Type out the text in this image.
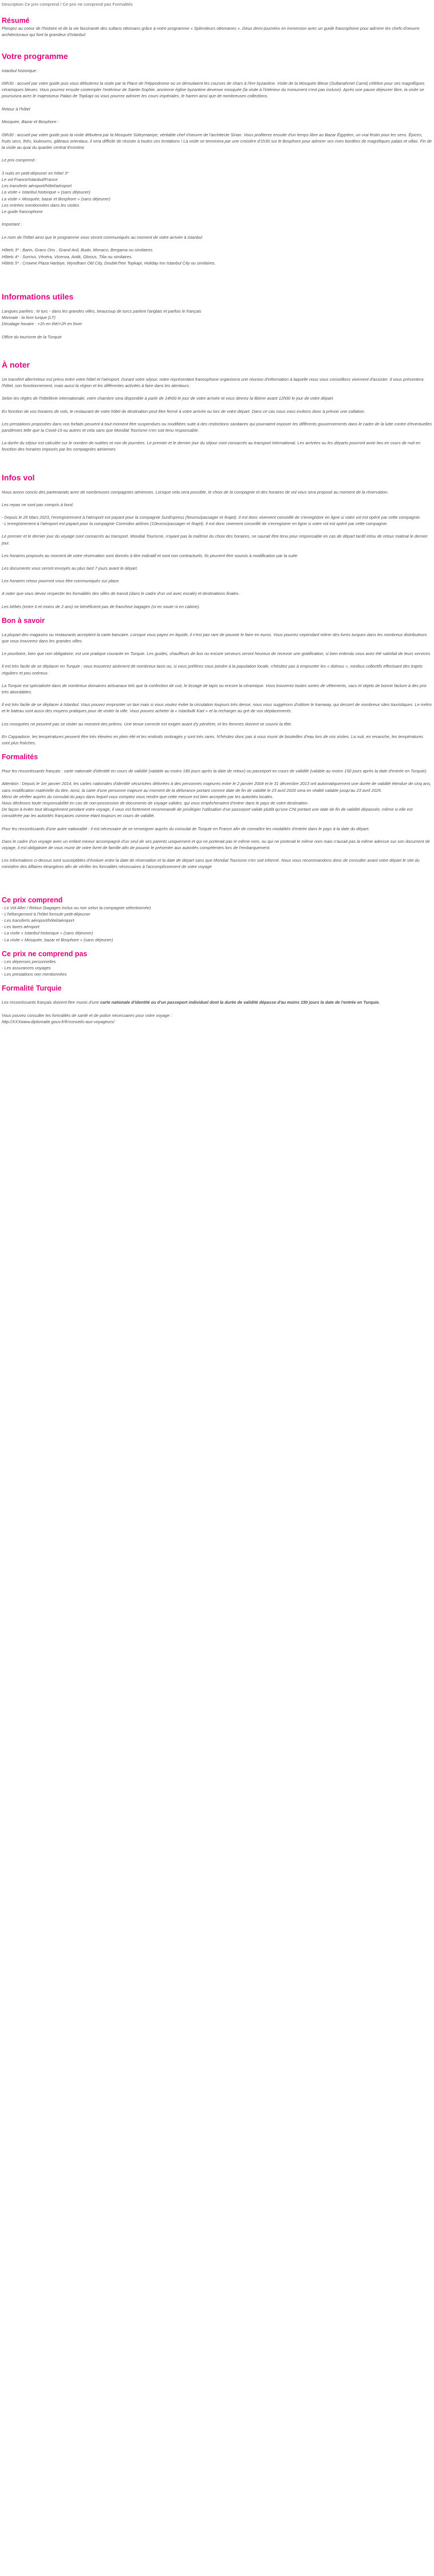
Description Ce prix comprend / Ce prix ne comprend pas Formalités
Résumé

Plongez au coeur de l'histoire et de la vie fascinante des sultans ottomans grâce à notre programme « Splendeurs ottomanes ». Deux demi-journées en immersion avec un guide francophone pour admirer les chefs-d'oeuvre architecturaux qui font la grandeur d'Istanbul.

Votre programme

Istanbul historique :

09h30 : accueil par votre guide puis vous débuterez la visite par la Place de l'Hippodrome où se déroulaient les courses de chars à l'ère byzantine. Visite de la Mosquée Bleue (Sultanahmet Camii) célèbre pour ses magnifiques céramiques bleues. Vous pourrez ensuite contempler l'extérieur de Sainte-Sophie, ancienne église byzantine devenue mosquée (la visite à l'intérieur du monument n'est pas incluse). Après une pause déjeuner libre, la visite se poursuivra avec le majestueux Palais de Topkapi où vous pourrez admirer les cours impériales, le harem ainsi que de nombreuses collections.

Retour à l'hôtel

Mosquée, Bazar et Bosphore :

09h30 : accueil par votre guide puis la visite débutera par la Mosquée Süleymaniye, véritable chef d'oeuvre de l'architecte Sinan. Vous profiterez ensuite d'un temps libre au Bazar Égyptien, un vrai festin pour les sens. Épices, fruits secs, thés, loukoums, gâteaux orientaux, il sera difficile de résister à toutes ces tentations ! La visite se terminera par une croisière d'1h30 sur le Bosphore pour admirer ses rives bordées de magnifiques palais et villas. Fin de la visite au quai du quartier central Eminönü

Le prix comprend :

3 nuits en petit-déjeuner en hôtel 3*

Le vol France/Istanbul/France

Les transferts aéroport/hôtel/aéroport

La visite « Istanbul historique » (sans déjeuner)

La visite « Mosquée, bazar et Bosphore » (sans déjeuner)

Les entrées mentionnées dans les visites

Le guide francophone

Important :

Le nom de l'hôtel ainsi que le programme vous seront communiqués au moment de votre arrivée à Istanbul

Hôtels 3* : Barin, Grans Ons , Grand Anil, Budo, Monaco, Bergama ou similaires.

Hôtels 4* : Sorriso, Vénéra, Vicenza, Antik, Glorius, Tilia ou similaires.

Hôtels 5* : Crowne Plaza Harbiye, Wyndham Old City, DoubleTree Topkapi, Holiday Inn Istanbul City ou similaires.

Informations utiles

Langues parlées : le turc - dans les grandes villes, beaucoup de turcs parlent l'anglais et parfois le français

Monnaie : la livre turque (LT)

Décalage horaire : +1h en été/+2h en hiver

Office du tourisme de la Turquie

À noter

Un transfert aller/retour est prévu entre votre hôtel et l'aéroport. Durant votre séjour, notre représentant francophone organisera une réunion d'information à laquelle nous vous conseillons vivement d'assister. Il vous présentera l'hôtel, son fonctionnement, mais aussi la région et les différentes activités à faire dans les alentours.

Selon les règles de l'hôtellerie internationale, votre chambre sera disponible à partir de 14h00 le jour de votre arrivée et vous devrez la libérer avant 12h00 le jour de votre départ.

En fonction de vos horaires de vols, le restaurant de votre hôtel de destination peut être fermé à votre arrivée ou lors de votre départ. Dans ce cas nous vous invitons donc à prévoir une collation.

Les prestations proposées dans nos forfaits peuvent à tout moment être suspendues ou modifiées suite à des restrictions sanitaires qui pourraient imposer les différents gouvernements dans le cadre de la lutte contre d'éventuelles pandémies telle que la Covid-19 ou autres et cela sans que Mondial Tourisme n'en soit tenu responsable.

La durée du séjour est calculée sur le nombre de nuitées et non de journées. Le premier et le dernier jour du séjour sont consacrés au transport international. Les arrivées ou les départs pourront avoir lieu en cours de nuit en fonction des horaires imposés par les compagnies aériennes

Infos vol

Nous avons conclu des partenariats avec de nombreuses compagnies aériennes. Lorsque cela sera possible, le choix de la compagnie et des horaires de vol vous sera proposé au moment de la réservation.

Les repas ne sont pas compris à bord.

- Depuis le 26 Mars 2023, l'enregistrement à l'aéroport est payant pour la compagnie SunExpress (5euros/passager et /trajet). Il est donc vivement conseillé de s'enregistrer en ligne si votre vol est opéré par cette compagnie.
- L'enregistrement à l'aéroport est payant pour la compagnie Corendon airlines (10euros/passager et /trajet). Il est donc vivement conseillé de s'enregistrer en ligne si votre vol est opéré par cette compagnie.

Le premier et le dernier jour du voyage sont consacrés au transport. Mondial Tourisme, n'ayant pas la maîtrise du choix des horaires, ne saurait être tenu pour responsable en cas de départ tardif et/ou de retour matinal le dernier jour.

Les horaires proposés au moment de votre réservation sont donnés à titre indicatif et sont non contractuels. Ils peuvent être soumis à modification par la suite.

Les documents vous seront envoyés au plus tard 7 jours avant le départ.

Les horaires retour pourront vous être communiqués sur place.

A noter que vous devez respecter les formalités des villes de transit (dans le cadre d'un vol avec escale) et destinations finales.

Les bébés (entre 0 et moins de 2 ans) ne bénéficient pas de franchise bagages (ni en soute ni en cabine).

Bon à savoir

La plupart des magasins ou restaurants acceptent la carte bancaire. Lorsque vous payez en liquide, il n'est pas rare de pouvoir le faire en euros. Vous pourrez cependant retirer des livres turques dans les nombreux distributeurs que vous trouverez dans les grandes villes.

Le pourboire, bien que non obligatoire, est une pratique courante en Turquie. Les guides, chauffeurs de bus ou encore serveurs seront heureux de recevoir une gratification, si bien entendu vous avez été satisfait de leurs services.

Il est très facile de se déplacer en Turquie : vous trouverez aisément de nombreux taxis ou, si vous préférez vous joindre à la population locale, n'hésitez pas à emprunter les « dolmus », minibus collectifs effectuant des trajets réguliers et peu onéreux.

La Turquie est spécialisée dans de nombreux domaines artisanaux tels que la confection de cuir, le tissage de tapis ou encore la céramique. Vous trouverez toutes sortes de vêtements, sacs et objets de bonne facture à des prix très abordables.

Il est très facile de se déplacer à Istanbul. Vous pouvez emprunter un taxi mais si vous voulez éviter la circulation toujours très dense, nous vous suggérons d'utiliser le tramway, qui dessert de nombreux sites touristiques. Le métro et le bateau sont aussi des moyens pratiques pour de visiter la ville. Vous pouvez acheter la « Istanbulk Kart » et la recharger au gré de vos déplacements.

Les mosquées ne peuvent pas se visiter au moment des prières. Une tenue correcte est exigée avant d'y pénétrer, et les femmes doivent se couvrir la tête.

En Cappadoce, les températures peuvent être très élevées en plein été et les endroits ombragés y sont très rares. N'hésitez donc pas à vous munir de bouteilles d'eau lors de vos visites. La nuit, en revanche, les températures sont plus fraîches.

Formalités

Pour les ressortissants français : carte nationale d'identité en cours de validité (valable au moins 180 jours après la date de retour) ou passeport en cours de validité (valable au moins 150 jours après la date d'entrée en Turquie).

Attention : Depuis le 1er janvier 2014, les cartes nationales d'identité sécurisées délivrées à des personnes majeures entre le 2 janvier 2004 et le 31 décembre 2013 ont automatiquement une durée de validité étendue de cinq ans, sans modification matérielle du titre. Ainsi, la carte d'une personne majeure au moment de la délivrance portant comme date de fin de validité le 23 avril 2020 sera en réalité valable jusqu'au 23 avril 2025.
Merci de vérifier auprès du consulat du pays dans lequel vous comptez vous rendre que cette mesure est bien acceptée par les autorités locales.
Nous déclinons toute responsabilité en cas de non-possession de documents de voyage valides, qui vous empêcheraient d'entrer dans le pays de votre destination.
De façon à éviter tout désagrément pendant votre voyage, il vous est fortement recommandé de privilégier l'utilisation d'un passeport valide plutôt qu'une CNI portant une date de fin de validité dépassée, même si elle est considérée par les autorités françaises comme étant toujours en cours de validité.

Pour les ressortissants d'une autre nationalité : il est nécessaire de se renseigner auprès du consulat de Turquie en France afin de connaître les modalités d'entrée dans le pays à la date du départ.

Dans le cadre d'un voyage avec un enfant mineur accompagné d'un seul de ses parents uniquement et qui ne porterait pas le même nom, ou qui ne porterait le même nom mais n'aurait pas la même adresse sur son document de voyage, il est obligatoire de vous munir de votre livret de famille afin de pouvoir le présenter aux autorités compétentes lors de l'embarquement.

Les informations ci-dessus sont susceptibles d'évoluer entre la date de réservation et la date de départ sans que Mondial Tourisme n'en soit informé. Nous vous recommandons donc de consulter avant votre départ le site du ministère des Affaires étrangères afin de vérifier les formalités nécessaires à l'accomplissement de votre voyage

Ce prix comprend
- Le Vol Aller / Retour (bagages inclus ou non selon la compagnie sélectionnée)
- L'hébergement à l'hôtel formule petit-déjeuner
- Les transferts aéroport/hôtel/aéroport
- Les taxes aéroport
- La visite « Istanbul historique » (sans déjeuner)
- La visite « Mosquée, bazar et Bosphore » (sans déjeuner)
Ce prix ne comprend pas
- Les dépenses personnelles
- Les assurances voyages
- Les prestations non mentionnées
Formalité Turquie

Les ressortissants français doivent être munis d'une carte nationale d'identité ou d'un passeport individuel dont la durée de validité dépasse d'au moins 150 jours la date de l'entrée en Turquie.

Vous pouvez consulter les formalités de santé et de police nécessaires pour votre voyage :

http://XXXwww.diplomatie.gouv.fr/fr/conseils-aux-voyageurs/
